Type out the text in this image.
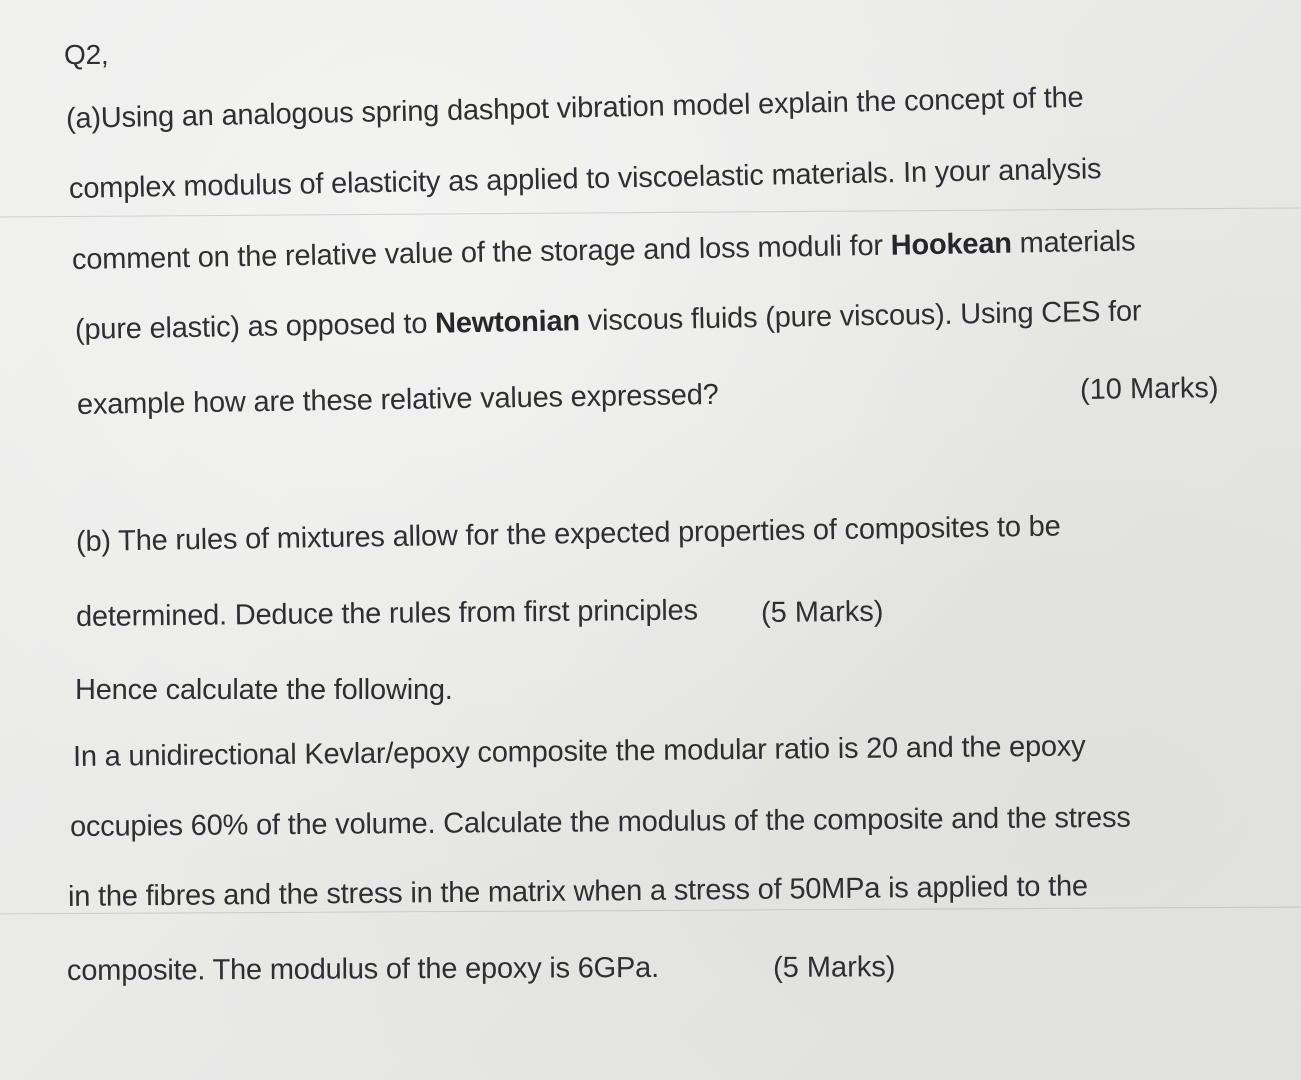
Q2,
(a)Using an analogous spring dashpot vibration model explain the concept of the
complex modulus of elasticity as applied to viscoelastic materials. In your analysis
comment on the relative value of the storage and loss moduli for Hookean materials
(pure elastic) as opposed to Newtonian viscous fluids (pure viscous). Using CES for
example how are these relative values expressed?	(10 Marks)
(b) The rules of mixtures allow for the expected properties of composites to be
determined. Deduce the rules from first principles (5 Marks)
Hence calculate the following.
In a unidirectional Kevlar/epoxy composite the modular ratio is 20 and the epoxy
occupies 60% of the volume. Calculate the modulus of the composite and the stress
in the fibres and the stress in the matrix when a stress of 50MPa is applied to the
composite. The modulus of the epoxy is 6GPa.	(5 Marks)
